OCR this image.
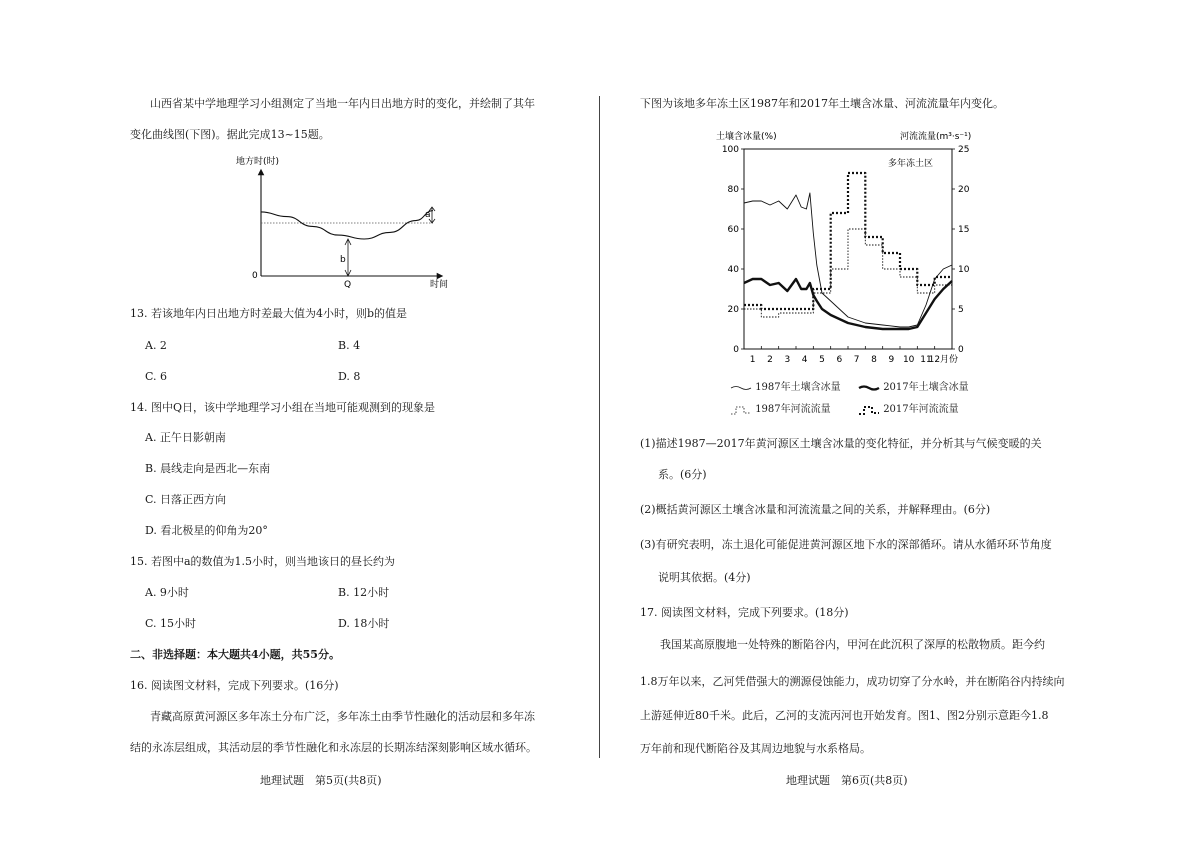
山西省某中学地理学习小组测定了当地一年内日出地方时的变化，并绘制了其年
变化曲线图(下图)。据此完成13~15题。
地方时(时)
0
时间
b
Q
a
13. 若该地年内日出地方时差最大值为4小时，则b的值是
A. 2	B. 4
C. 6	D. 8
14. 图中Q日，该中学地理学习小组在当地可能观测到的现象是
A. 正午日影朝南
B. 晨线走向是西北—东南
C. 日落正西方向
D. 看北极星的仰角为20°
15. 若图中a的数值为1.5小时，则当地该日的昼长约为
A. 9小时	B. 12小时
C. 15小时	D. 18小时
二、非选择题：本大题共4小题，共55分。
16. 阅读图文材料，完成下列要求。(16分)
青藏高原黄河源区多年冻土分布广泛，多年冻土由季节性融化的活动层和多年冻
结的永冻层组成，其活动层的季节性融化和永冻层的长期冻结深刻影响区域水循环。
地理试题　第5页(共8页)
下图为该地多年冻土区1987年和2017年土壤含冰量、河流流量年内变化。
土壤含冰量(%)	河流流量(m³·s⁻¹)
多年冻土区
0
20
40
60
80
100
0
5
10
15
20
25
1 2 3 4 5 6 7 8 9 10 11
12月份
1987年土壤含冰量	2017年土壤含冰量
1987年河流流量	2017年河流流量
(1)描述1987—2017年黄河源区土壤含冰量的变化特征，并分析其与气候变暖的关
系。(6分)
(2)概括黄河源区土壤含冰量和河流流量之间的关系，并解释理由。(6分)
(3)有研究表明，冻土退化可能促进黄河源区地下水的深部循环。请从水循环环节角度
说明其依据。(4分)
17. 阅读图文材料，完成下列要求。(18分)
我国某高原腹地一处特殊的断陷谷内，甲河在此沉积了深厚的松散物质。距今约
1.8万年以来，乙河凭借强大的溯源侵蚀能力，成功切穿了分水岭，并在断陷谷内持续向
上游延伸近80千米。此后，乙河的支流丙河也开始发育。图1、图2分别示意距今1.8
万年前和现代断陷谷及其周边地貌与水系格局。
地理试题　第6页(共8页)
